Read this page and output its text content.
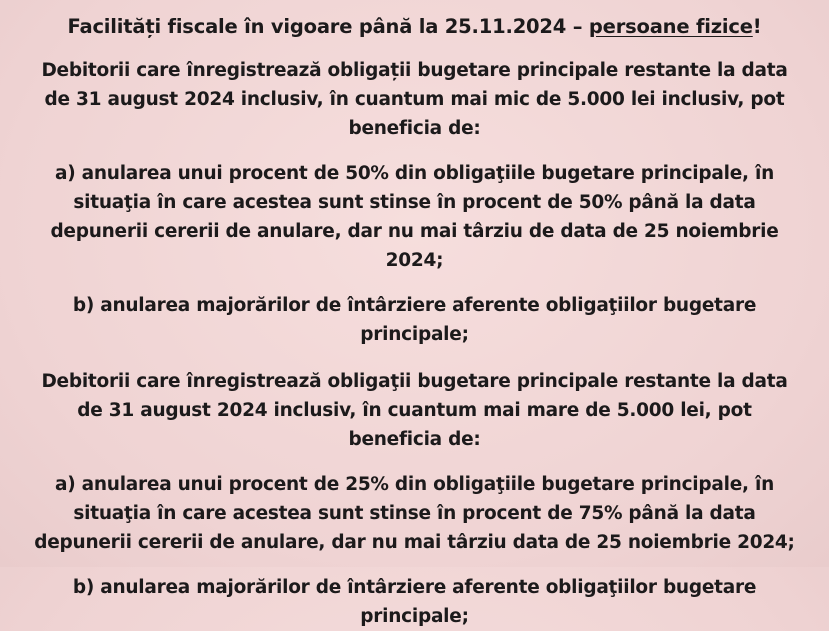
Facilități fiscale în vigoare până la 25.11.2024 – persoane fizice!
Debitorii care înregistrează obligații bugetare principale restante la data de 31 august 2024 inclusiv, în cuantum mai mic de 5.000 lei inclusiv, pot beneficia de:
a) anularea unui procent de 50% din obligaţiile bugetare principale, în situaţia în care acestea sunt stinse în procent de 50% până la data depunerii cererii de anulare, dar nu mai târziu de data de 25 noiembrie 2024;
b) anularea majorărilor de întârziere aferente obligaţiilor bugetare principale;
Debitorii care înregistrează obligaţii bugetare principale restante la data de 31 august 2024 inclusiv, în cuantum mai mare de 5.000 lei, pot beneficia de:
a) anularea unui procent de 25% din obligaţiile bugetare principale, în situaţia în care acestea sunt stinse în procent de 75% până la data depunerii cererii de anulare, dar nu mai târziu data de 25 noiembrie 2024;
b) anularea majorărilor de întârziere aferente obligaţiilor bugetare principale;
